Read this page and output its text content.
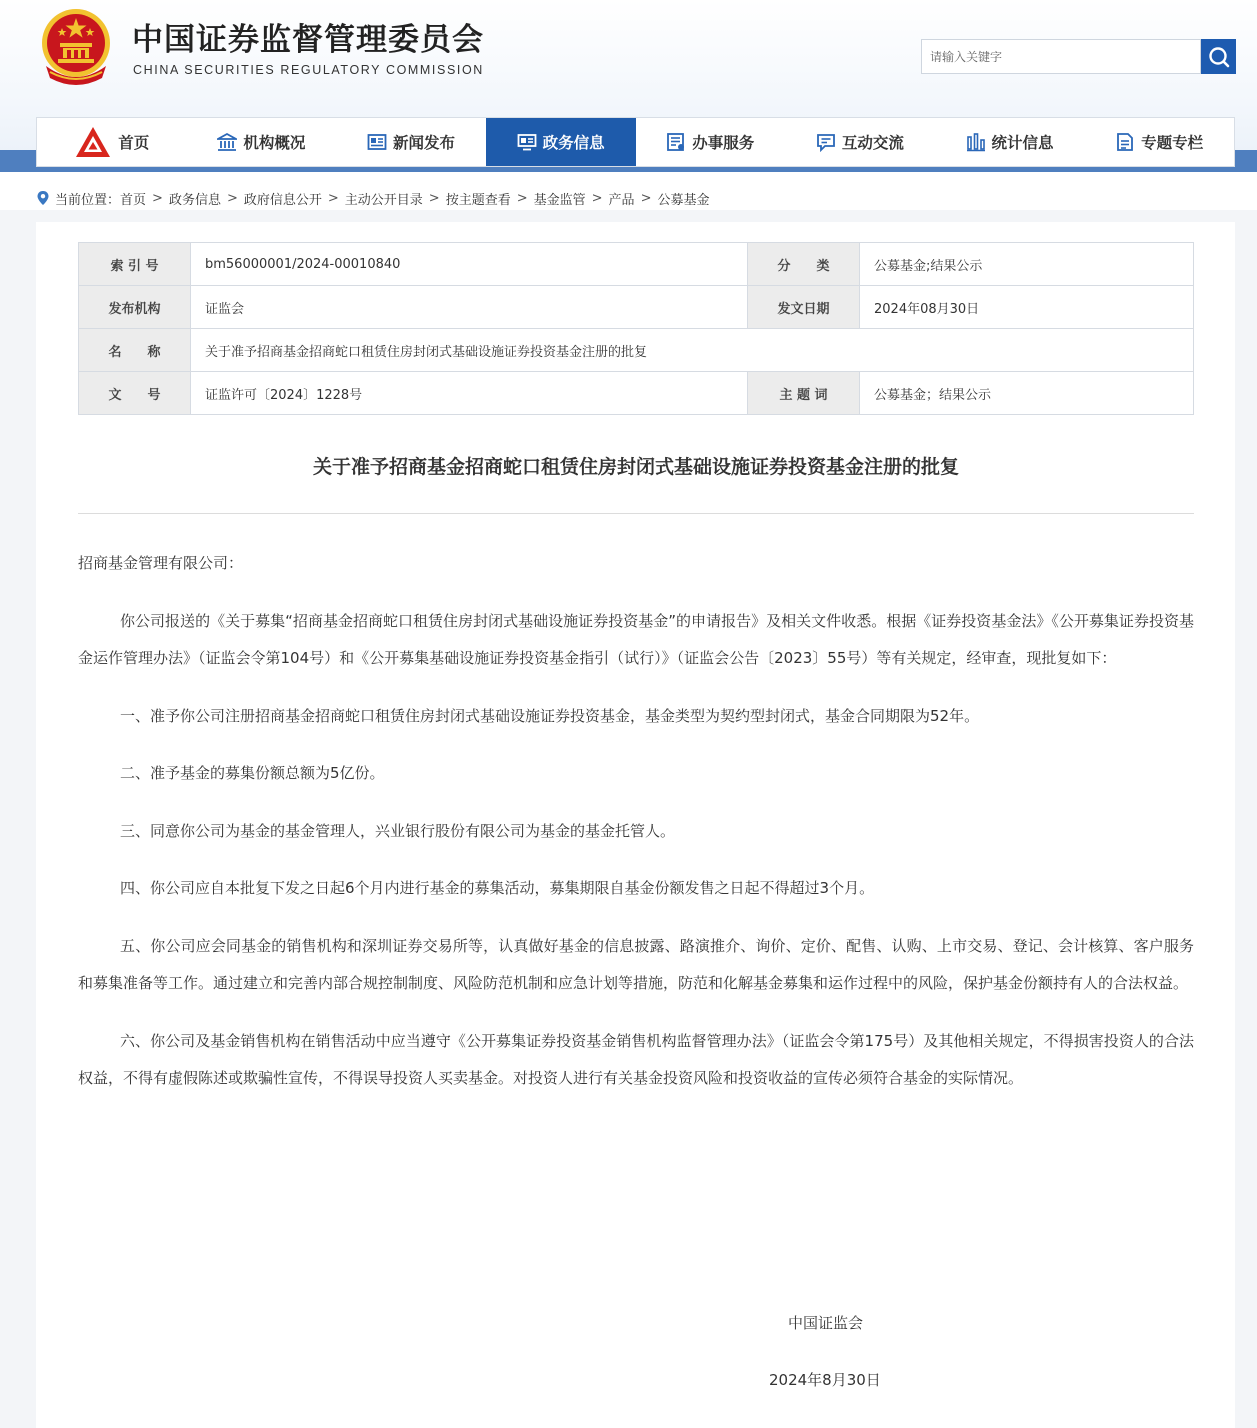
中国证券监督管理委员会
CHINA SECURITIES REGULATORY COMMISSION
请输入关键字
首页	机构概况	新闻发布	政务信息	办事服务	互动交流	统计信息	专题专栏
当前位置： 首页 > 政务信息 > 政府信息公开 > 主动公开目录 > 按主题查看 > 基金监管 > 产品 > 公募基金
索 引 号	bm56000001/2024-00010840	分　　类	公募基金;结果公示
发布机构	证监会	发文日期	2024年08月30日
名　　称	关于准予招商基金招商蛇口租赁住房封闭式基础设施证券投资基金注册的批复		
文　　号	证监许可〔2024〕1228号	主 题 词	公募基金；结果公示
关于准予招商基金招商蛇口租赁住房封闭式基础设施证券投资基金注册的批复

招商基金管理有限公司：

你公司报送的《关于募集“招商基金招商蛇口租赁住房封闭式基础设施证券投资基金”的申请报告》及相关文件收悉。根据《证券投资基金法》《公开募集证券投资基金运作管理办法》（证监会令第104号）和《公开募集基础设施证券投资基金指引（试行）》（证监会公告〔2023〕55号）等有关规定，经审查，现批复如下：

一、准予你公司注册招商基金招商蛇口租赁住房封闭式基础设施证券投资基金，基金类型为契约型封闭式，基金合同期限为52年。

二、准予基金的募集份额总额为5亿份。

三、同意你公司为基金的基金管理人，兴业银行股份有限公司为基金的基金托管人。

四、你公司应自本批复下发之日起6个月内进行基金的募集活动，募集期限自基金份额发售之日起不得超过3个月。

五、你公司应会同基金的销售机构和深圳证券交易所等，认真做好基金的信息披露、路演推介、询价、定价、配售、认购、上市交易、登记、会计核算、客户服务和募集准备等工作。通过建立和完善内部合规控制制度、风险防范机制和应急计划等措施，防范和化解基金募集和运作过程中的风险，保护基金份额持有人的合法权益。

六、你公司及基金销售机构在销售活动中应当遵守《公开募集证券投资基金销售机构监督管理办法》（证监会令第175号）及其他相关规定，不得损害投资人的合法权益，不得有虚假陈述或欺骗性宣传，不得误导投资人买卖基金。对投资人进行有关基金投资风险和投资收益的宣传必须符合基金的实际情况。

中国证监会
2024年8月30日
